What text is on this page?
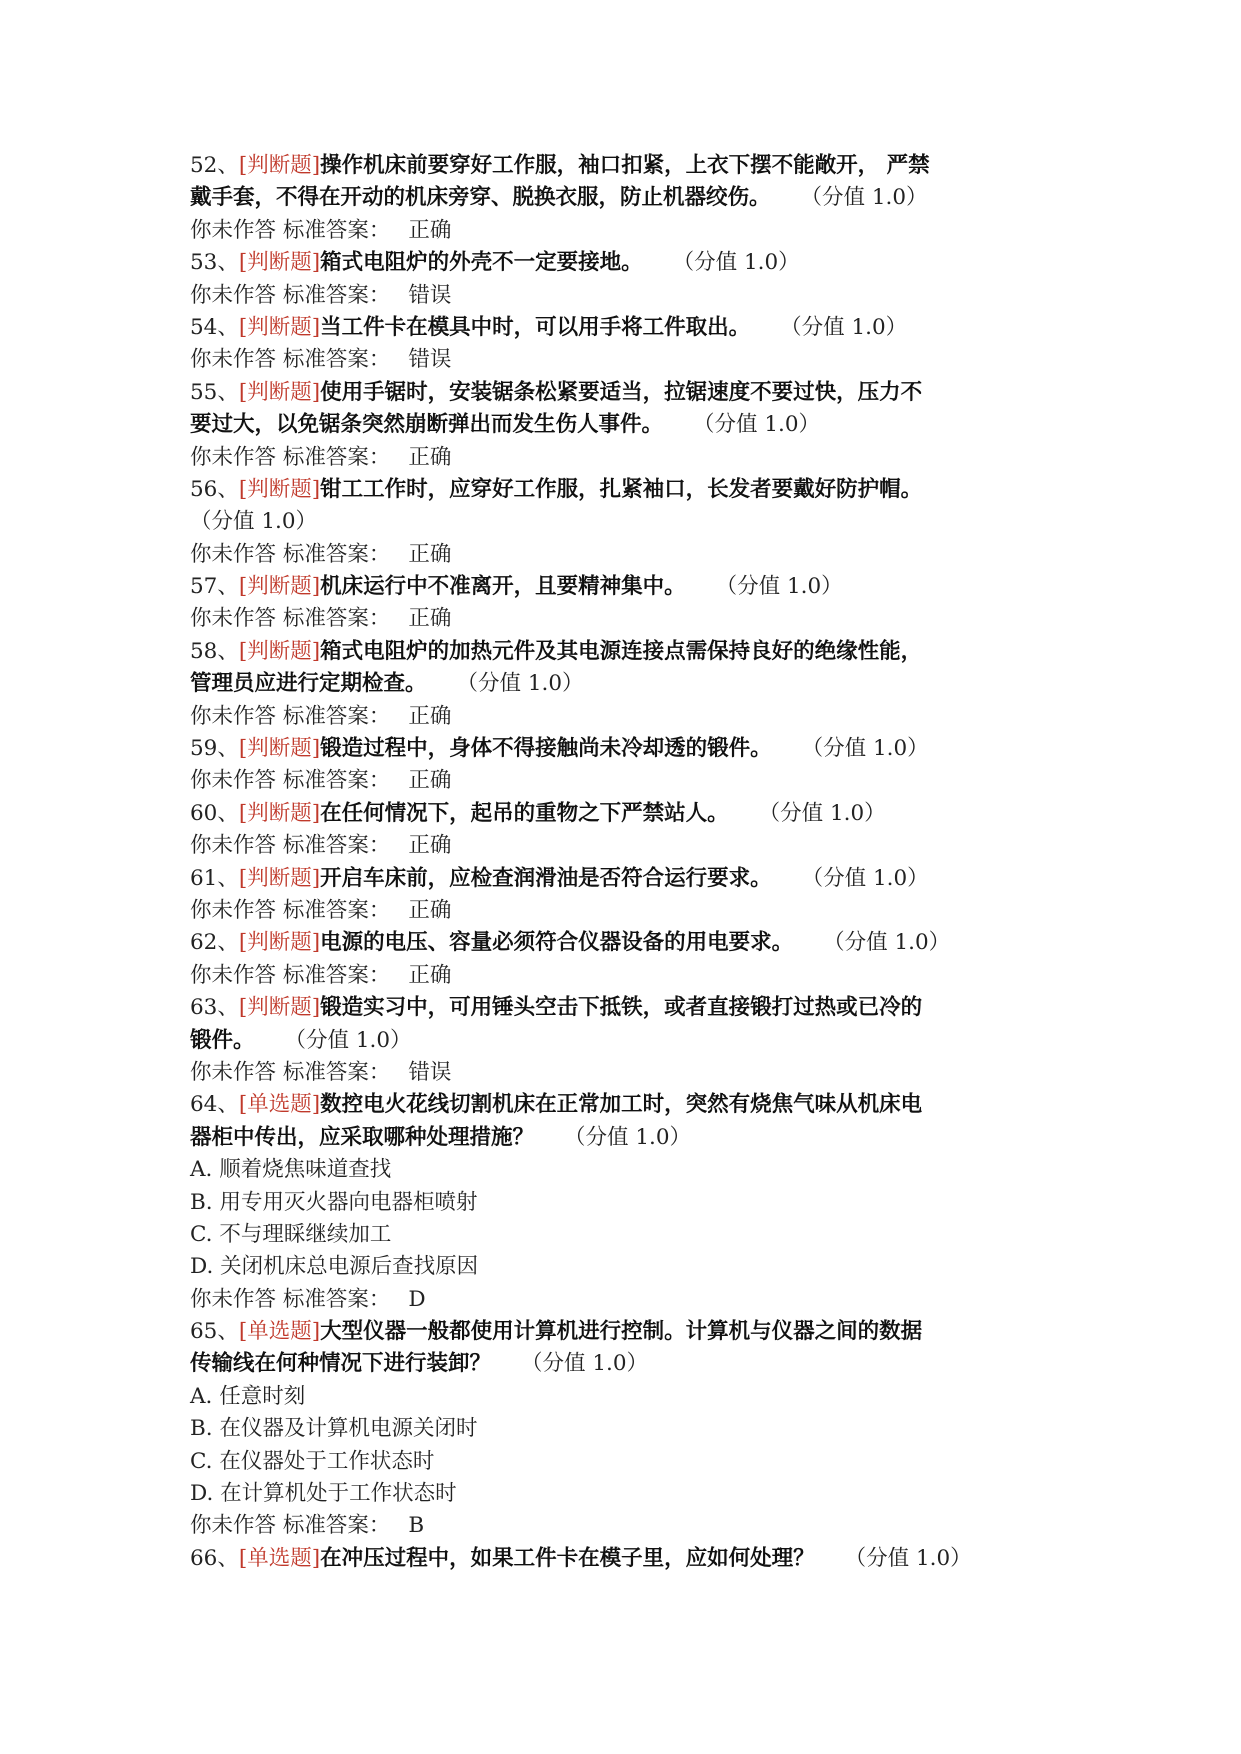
52、[判断题]操作机床前要穿好工作服，袖口扣紧，上衣下摆不能敞开， 严禁
戴手套，不得在开动的机床旁穿、脱换衣服，防止机器绞伤。 （分值 1.0）
你未作答 标准答案： 正确
53、[判断题]箱式电阻炉的外壳不一定要接地。 （分值 1.0）
你未作答 标准答案： 错误
54、[判断题]当工件卡在模具中时，可以用手将工件取出。 （分值 1.0）
你未作答 标准答案： 错误
55、[判断题]使用手锯时，安装锯条松紧要适当，拉锯速度不要过快，压力不
要过大，以免锯条突然崩断弹出而发生伤人事件。 （分值 1.0）
你未作答 标准答案： 正确
56、[判断题]钳工工作时，应穿好工作服，扎紧袖口，长发者要戴好防护帽。
（分值 1.0）
你未作答 标准答案： 正确
57、[判断题]机床运行中不准离开，且要精神集中。 （分值 1.0）
你未作答 标准答案： 正确
58、[判断题]箱式电阻炉的加热元件及其电源连接点需保持良好的绝缘性能，
管理员应进行定期检查。 （分值 1.0）
你未作答 标准答案： 正确
59、[判断题]锻造过程中，身体不得接触尚未冷却透的锻件。 （分值 1.0）
你未作答 标准答案： 正确
60、[判断题]在任何情况下，起吊的重物之下严禁站人。 （分值 1.0）
你未作答 标准答案： 正确
61、[判断题]开启车床前，应检查润滑油是否符合运行要求。 （分值 1.0）
你未作答 标准答案： 正确
62、[判断题]电源的电压、容量必须符合仪器设备的用电要求。 （分值 1.0）
你未作答 标准答案： 正确
63、[判断题]锻造实习中，可用锤头空击下抵铁，或者直接锻打过热或已冷的
锻件。 （分值 1.0）
你未作答 标准答案： 错误
64、[单选题]数控电火花线切割机床在正常加工时，突然有烧焦气味从机床电
器柜中传出，应采取哪种处理措施？ （分值 1.0）
A. 顺着烧焦味道查找
B. 用专用灭火器向电器柜喷射
C. 不与理睬继续加工
D. 关闭机床总电源后查找原因
你未作答 标准答案： D
65、[单选题]大型仪器一般都使用计算机进行控制。计算机与仪器之间的数据
传输线在何种情况下进行装卸？ （分值 1.0）
A. 任意时刻
B. 在仪器及计算机电源关闭时
C. 在仪器处于工作状态时
D. 在计算机处于工作状态时
你未作答 标准答案： B
66、[单选题]在冲压过程中，如果工件卡在模子里，应如何处理？ （分值 1.0）
